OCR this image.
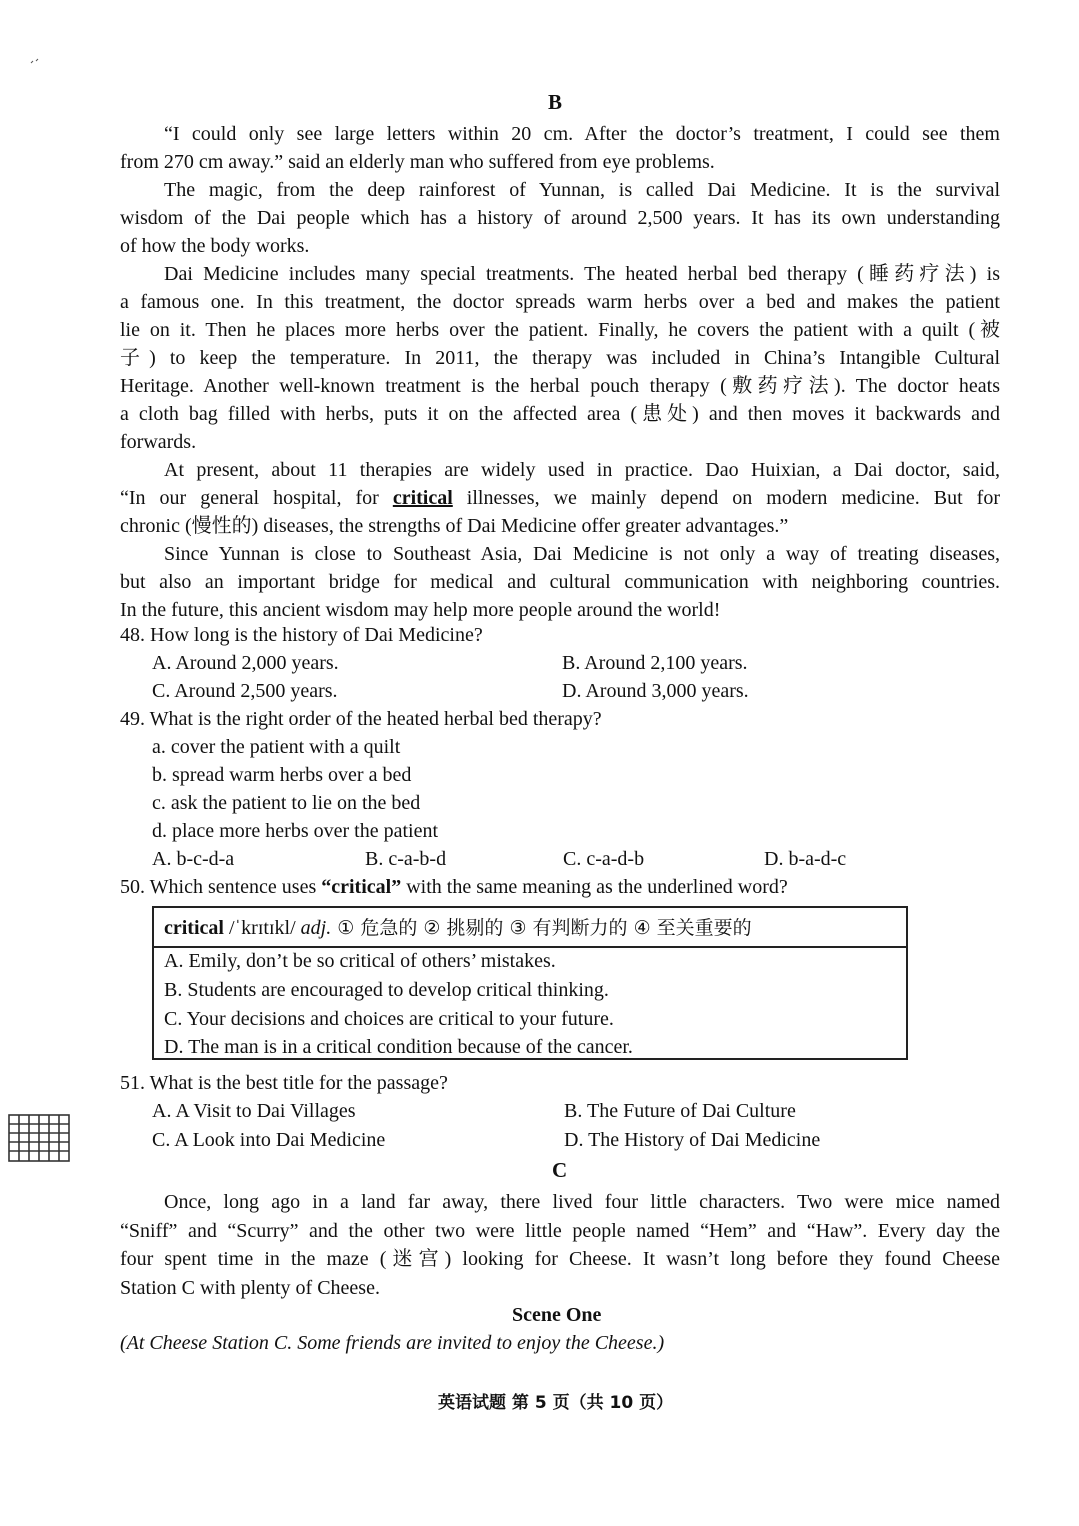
B
“I could only see large letters within 20 cm. After the doctor’s treatment, I could see them
from 270 cm away.” said an elderly man who suffered from eye problems.
The magic, from the deep rainforest of Yunnan, is called Dai Medicine. It is the survival
wisdom of the Dai people which has a history of around 2,500 years. It has its own understanding
of how the body works.
Dai Medicine includes many special treatments. The heated herbal bed therapy (睡药疗法) is
a famous one. In this treatment, the doctor spreads warm herbs over a bed and makes the patient
lie on it. Then he places more herbs over the patient. Finally, he covers the patient with a quilt (被
子) to keep the temperature. In 2011, the therapy was included in China’s Intangible Cultural
Heritage. Another well-known treatment is the herbal pouch therapy (敷药疗法). The doctor heats
a cloth bag filled with herbs, puts it on the affected area (患处) and then moves it backwards and
forwards.
At present, about 11 therapies are widely used in practice. Dao Huixian, a Dai doctor, said,
“In our general hospital, for critical illnesses, we mainly depend on modern medicine. But for
chronic (慢性的) diseases, the strengths of Dai Medicine offer greater advantages.”
Since Yunnan is close to Southeast Asia, Dai Medicine is not only a way of treating diseases,
but also an important bridge for medical and cultural communication with neighboring countries.
In the future, this ancient wisdom may help more people around the world!
48. How long is the history of Dai Medicine?
A. Around 2,000 years.	B. Around 2,100 years.
C. Around 2,500 years.	D. Around 3,000 years.
49. What is the right order of the heated herbal bed therapy?
a. cover the patient with a quilt
b. spread warm herbs over a bed
c. ask the patient to lie on the bed
d. place more herbs over the patient
A. b-c-d-a	B. c-a-b-d	C. c-a-d-b	D. b-a-d-c
50. Which sentence uses “critical” with the same meaning as the underlined word?
critical /ˈkrɪtɪkl/ adj. ① 危急的 ② 挑剔的 ③ 有判断力的 ④ 至关重要的
A. Emily, don’t be so critical of others’ mistakes.
B. Students are encouraged to develop critical thinking.
C. Your decisions and choices are critical to your future.
D. The man is in a critical condition because of the cancer.
51. What is the best title for the passage?
A. A Visit to Dai Villages	B. The Future of Dai Culture
C. A Look into Dai Medicine	D. The History of Dai Medicine
C
Once, long ago in a land far away, there lived four little characters. Two were mice named
“Sniff” and “Scurry” and the other two were little people named “Hem” and “Haw”. Every day the
four spent time in the maze (迷宫) looking for Cheese. It wasn’t long before they found Cheese
Station C with plenty of Cheese.
Scene One
(At Cheese Station C. Some friends are invited to enjoy the Cheese.)
英语试题 第 5 页（共 10 页）
